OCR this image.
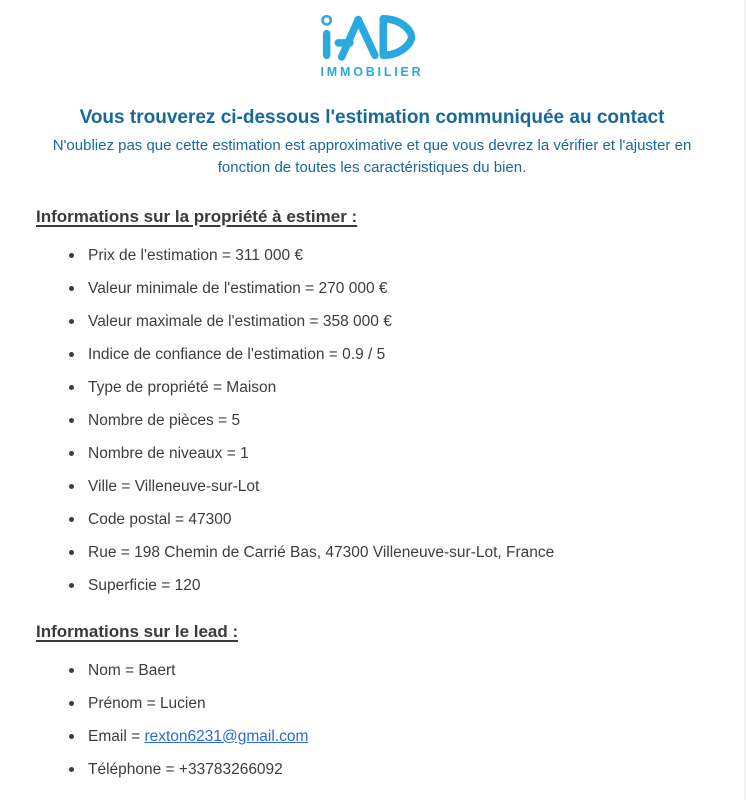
IMMOBILIER
Vous trouverez ci-dessous l'estimation communiquée au contact
N'oubliez pas que cette estimation est approximative et que vous devrez la vérifier et l'ajuster en fonction de toutes les caractéristiques du bien.
Informations sur la propriété à estimer :
Prix de l'estimation = 311 000 €
Valeur minimale de l'estimation = 270 000 €
Valeur maximale de l'estimation = 358 000 €
Indice de confiance de l'estimation = 0.9 / 5
Type de propriété = Maison
Nombre de pièces = 5
Nombre de niveaux = 1
Ville = Villeneuve-sur-Lot
Code postal = 47300
Rue = 198 Chemin de Carrié Bas, 47300 Villeneuve-sur-Lot, France
Superficie = 120
Informations sur le lead :
Nom = Baert
Prénom = Lucien
Email = rexton6231@gmail.com
Téléphone = +33783266092
